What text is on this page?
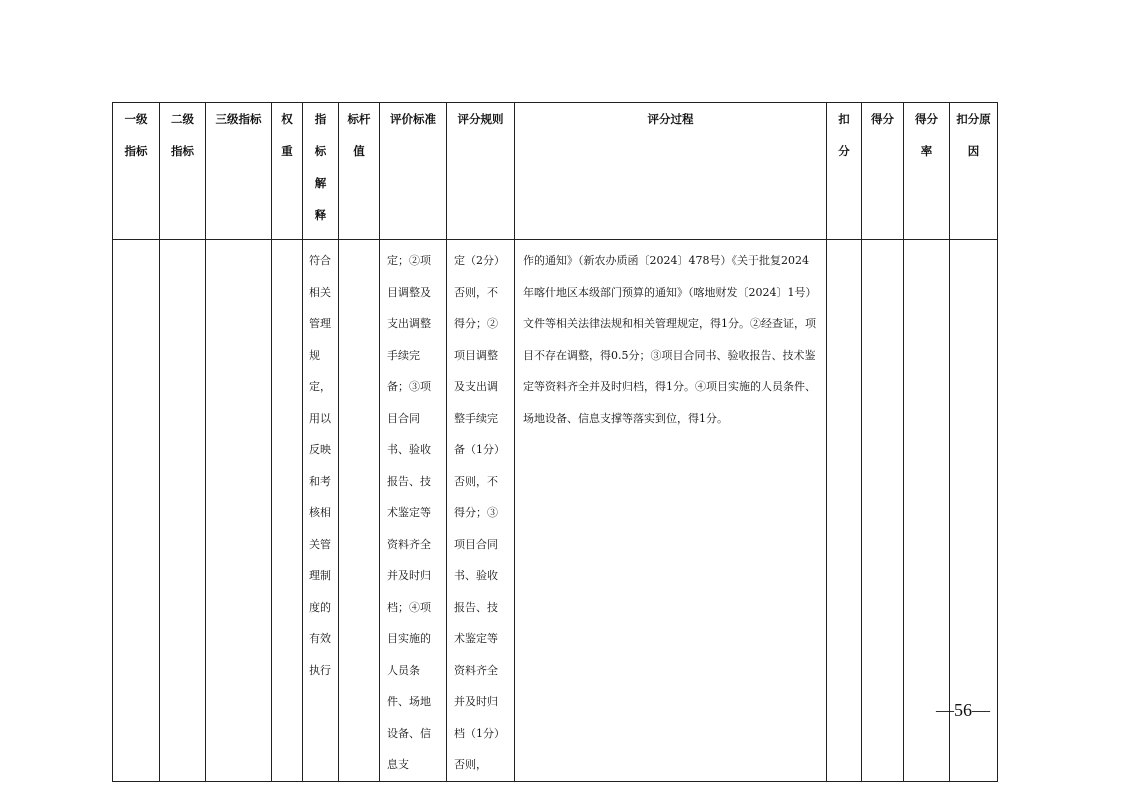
一级指标	二级指标	三级指标	权重	指标解释	标杆值	评价标准	评分规则	评分过程	扣分	得分	得分率	扣分原因

				符合相关管理规定，用以反映和考核相关管理制度的有效执行		定；②项目调整及支出调整手续完备；③项目合同书、验收报告、技术鉴定等资料齐全并及时归档；④项目实施的人员条件、场地设备、信息支	定（2分）否则，不得分；②项目调整及支出调整手续完备（1分）否则，不得分；③项目合同书、验收报告、技术鉴定等资料齐全并及时归档（1分）否则，	作的通知》（新农办质函〔2024〕478号）《关于批复2024年喀什地区本级部门预算的通知》（喀地财发〔2024〕1号）文件等相关法律法规和相关管理规定，得1分。②经查证，项目不存在调整，得0.5分；③项目合同书、验收报告、技术鉴定等资料齐全并及时归档，得1分。④项目实施的人员条件、场地设备、信息支撑等落实到位，得1分。				

—56—
